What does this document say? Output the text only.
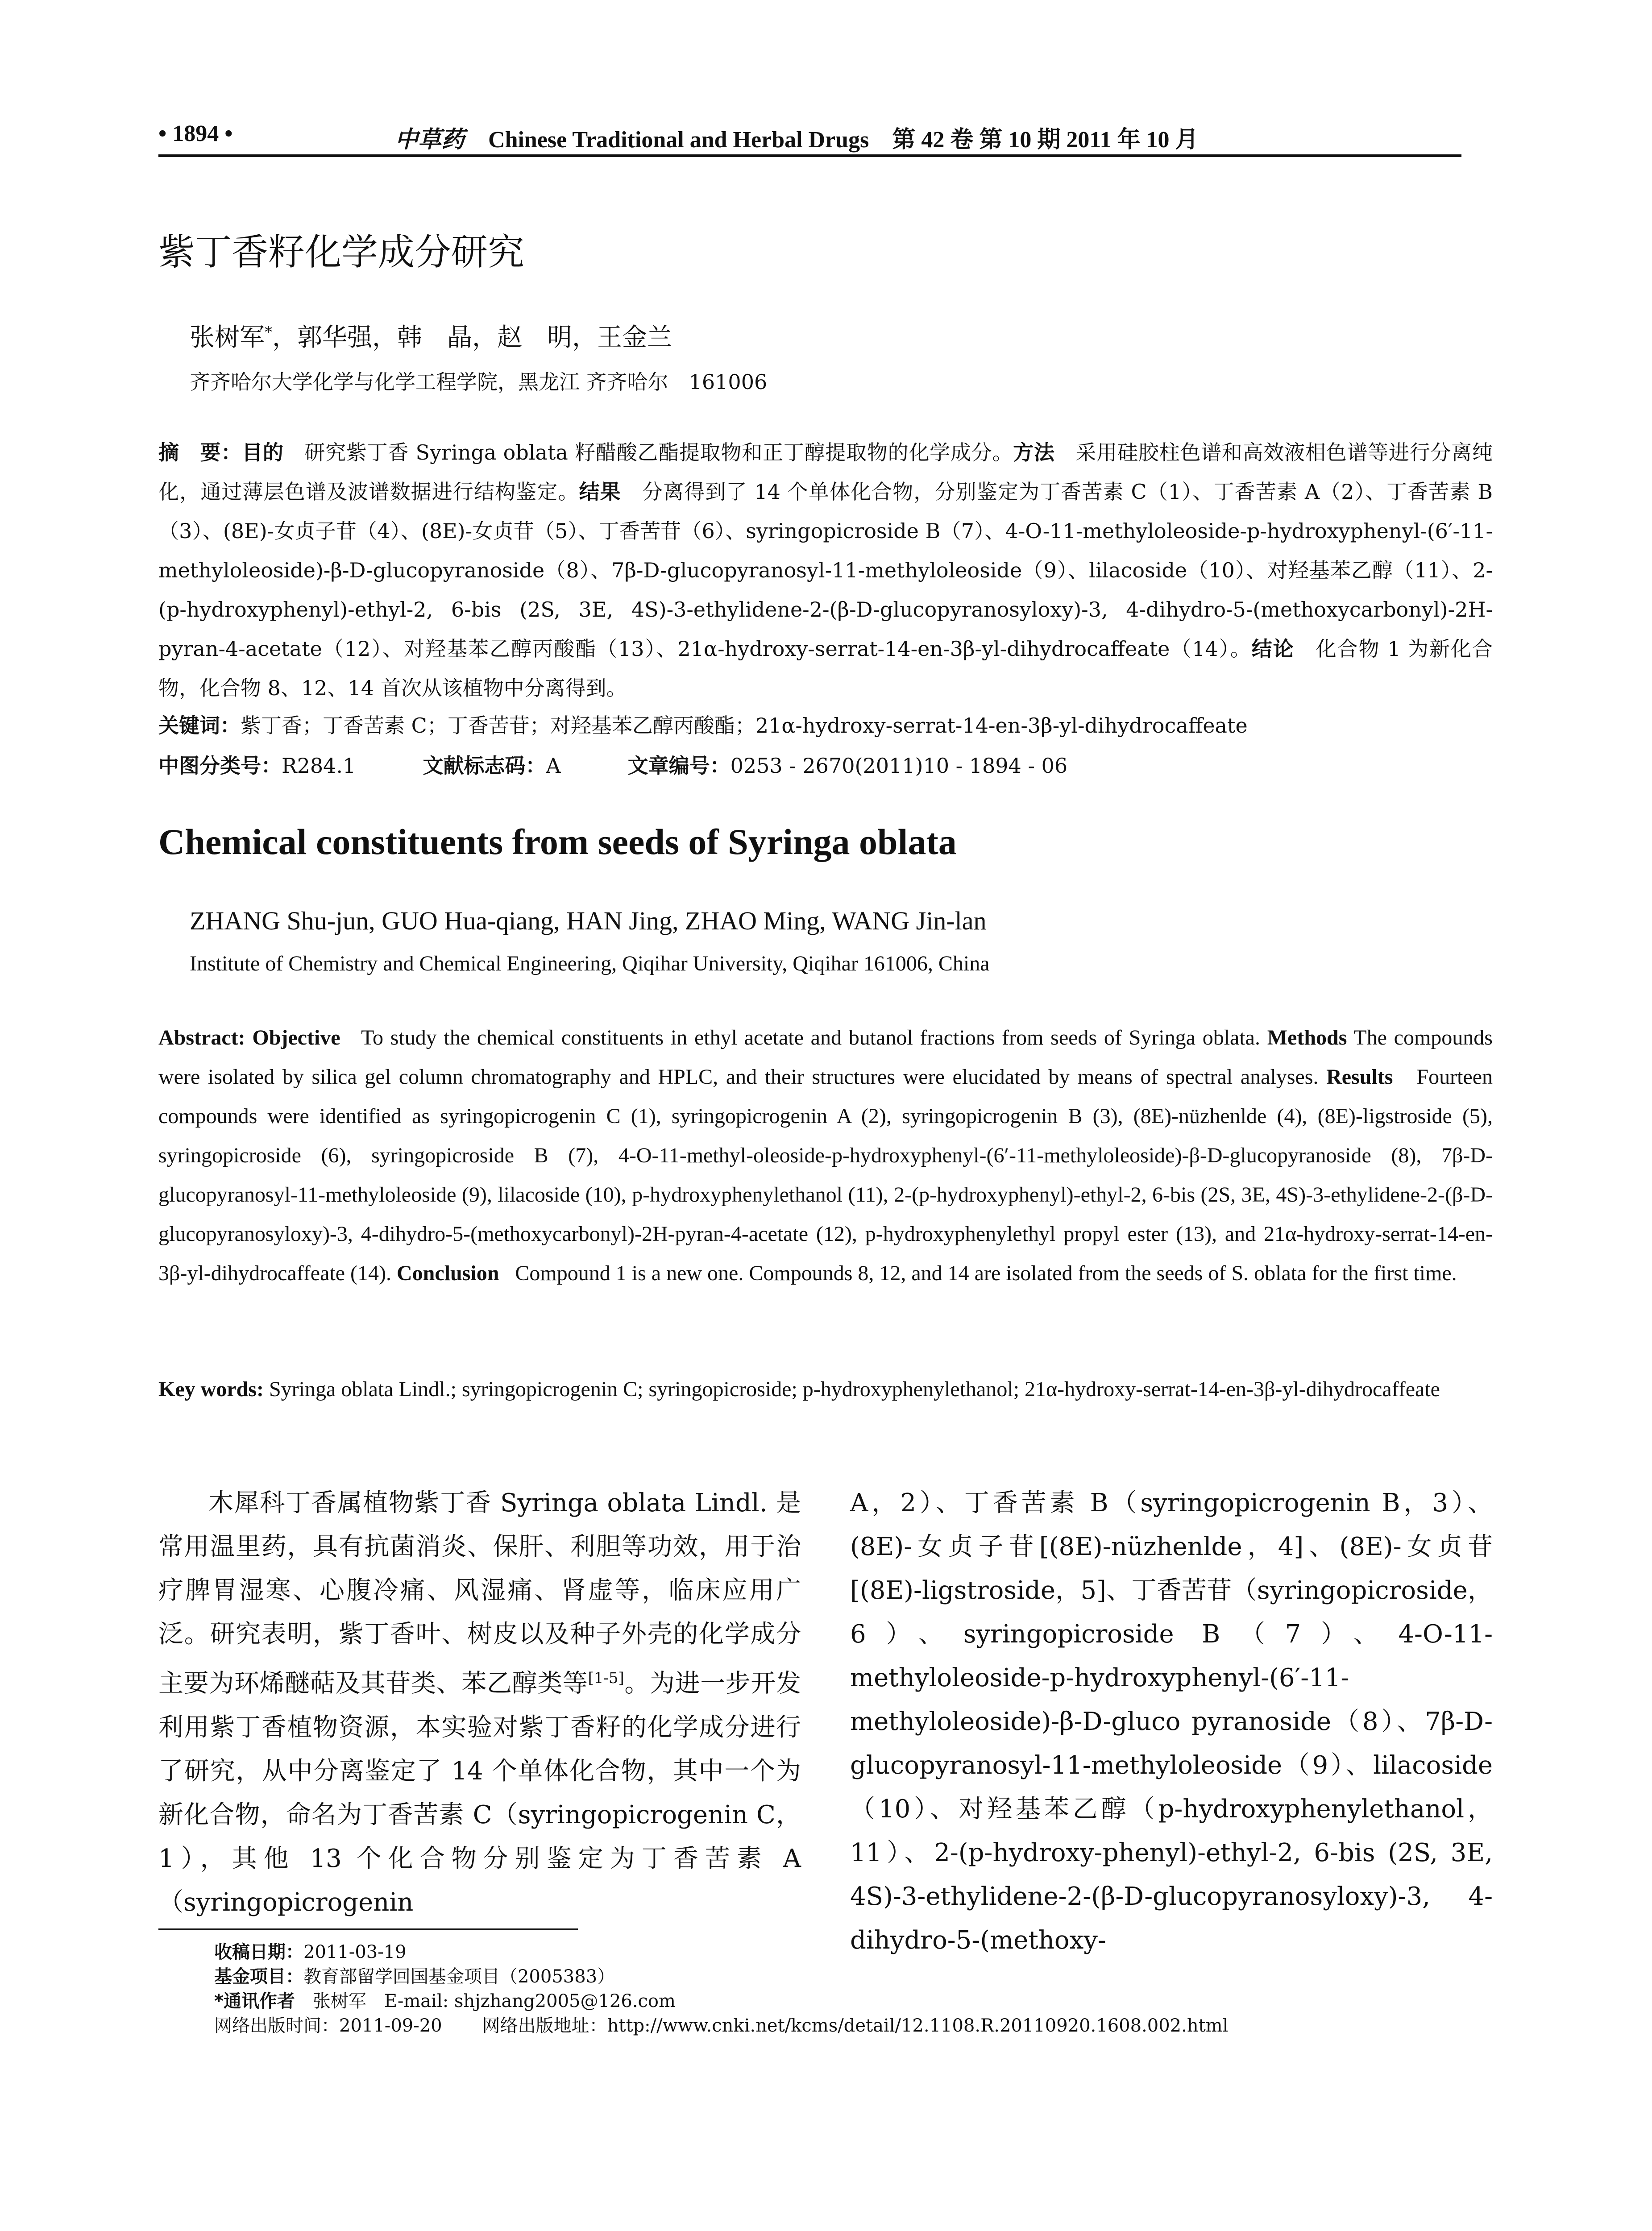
• 1894 •	中草药 Chinese Traditional and Herbal Drugs　第 42 卷 第 10 期 2011 年 10 月
紫丁香籽化学成分研究
张树军*，郭华强，韩　晶，赵　明，王金兰
齐齐哈尔大学化学与化学工程学院，黑龙江 齐齐哈尔　161006
摘　要：目的　 研究紫丁香 Syringa oblata 籽醋酸乙酯提取物和正丁醇提取物的化学成分。方法　 采用硅胶柱色谱和高效液相色谱等进行分离纯化，通过薄层色谱及波谱数据进行结构鉴定。结果　 分离得到了 14 个单体化合物，分别鉴定为丁香苦素 C（1）、丁香苦素 A（2）、丁香苦素 B（3）、(8E)-女贞子苷（4）、(8E)-女贞苷（5）、丁香苦苷（6）、syringopicroside B（7）、4-O-11-methyloleoside-p-hydroxyphenyl-(6′-11-methyloleoside)-β-D-glucopyranoside（8）、7β-D-glucopyranosyl-11-methyloleoside（9）、lilacoside（10）、对羟基苯乙醇（11）、2-(p-hydroxyphenyl)-ethyl-2, 6-bis (2S, 3E, 4S)-3-ethylidene-2-(β-D-glucopyranosyloxy)-3, 4-dihydro-5-(methoxycarbonyl)-2H-pyran-4-acetate（12）、对羟基苯乙醇丙酸酯（13）、21α-hydroxy-serrat-14-en-3β-yl-dihydrocaffeate（14）。结论　 化合物 1 为新化合物，化合物 8、12、14 首次从该植物中分离得到。
关键词：紫丁香；丁香苦素 C；丁香苦苷；对羟基苯乙醇丙酸酯；21α-hydroxy-serrat-14-en-3β-yl-dihydrocaffeate
中图分类号：R284.1	文献标志码：A	文章编号：0253 - 2670(2011)10 - 1894 - 06
Chemical constituents from seeds of Syringa oblata
ZHANG Shu-jun, GUO Hua-qiang, HAN Jing, ZHAO Ming, WANG Jin-lan
Institute of Chemistry and Chemical Engineering, Qiqihar University, Qiqihar 161006, China
Abstract: Objective To study the chemical constituents in ethyl acetate and butanol fractions from seeds of Syringa oblata. Methods The compounds were isolated by silica gel column chromatography and HPLC, and their structures were elucidated by means of spectral analyses. Results Fourteen compounds were identified as syringopicrogenin C (1), syringopicrogenin A (2), syringopicrogenin B (3), (8E)-nüzhenlde (4), (8E)-ligstroside (5), syringopicroside (6), syringopicroside B (7), 4-O-11-methyl-oleoside-p-hydroxyphenyl-(6′-11-methyloleoside)-β-D-glucopyranoside (8), 7β-D-glucopyranosyl-11-methyloleoside (9), lilacoside (10), p-hydroxyphenylethanol (11), 2-(p-hydroxyphenyl)-ethyl-2, 6-bis (2S, 3E, 4S)-3-ethylidene-2-(β-D-glucopyranosyloxy)-3, 4-dihydro-5-(methoxycarbonyl)-2H-pyran-4-acetate (12), p-hydroxyphenylethyl propyl ester (13), and 21α-hydroxy-serrat-14-en-3β-yl-dihydrocaffeate (14). Conclusion Compound 1 is a new one. Compounds 8, 12, and 14 are isolated from the seeds of S. oblata for the first time.
Key words: Syringa oblata Lindl.; syringopicrogenin C; syringopicroside; p-hydroxyphenylethanol; 21α-hydroxy-serrat-14-en-3β-yl-dihydrocaffeate

木犀科丁香属植物紫丁香 Syringa oblata Lindl. 是常用温里药，具有抗菌消炎、保肝、利胆等功效，用于治疗脾胃湿寒、心腹冷痛、风湿痛、肾虚等，临床应用广泛。研究表明，紫丁香叶、树皮以及种子外壳的化学成分主要为环烯醚萜及其苷类、苯乙醇类等[1-5]。为进一步开发利用紫丁香植物资源，本实验对紫丁香籽的化学成分进行了研究，从中分离鉴定了 14 个单体化合物，其中一个为新化合物，命名为丁香苦素 C（syringopicrogenin C，1），其他 13 个化合物分别鉴定为丁香苦素 A（syringopicrogenin

A，2）、丁香苦素 B（syringopicrogenin B，3）、(8E)-女贞子苷[(8E)-nüzhenlde，4]、(8E)-女贞苷[(8E)-ligstroside，5]、丁香苦苷（syringopicroside，6）、syringopicroside B（7）、4-O-11-methyloleoside-p-hydroxyphenyl-(6′-11-methyloleoside)-β-D-gluco pyranoside（8）、7β-D-glucopyranosyl-11-methyloleoside（9）、lilacoside（10）、对羟基苯乙醇（p-hydroxyphenylethanol，11）、2-(p-hydroxy-phenyl)-ethyl-2, 6-bis (2S, 3E, 4S)-3-ethylidene-2-(β-D-glucopyranosyloxy)-3, 4-dihydro-5-(methoxy-

收稿日期：2011-03-19
基金项目：教育部留学回国基金项目（2005383）
*通讯作者　 张树军　E-mail: shjzhang2005@126.com
网络出版时间：2011-09-20 网络出版地址：http://www.cnki.net/kcms/detail/12.1108.R.20110920.1608.002.html
